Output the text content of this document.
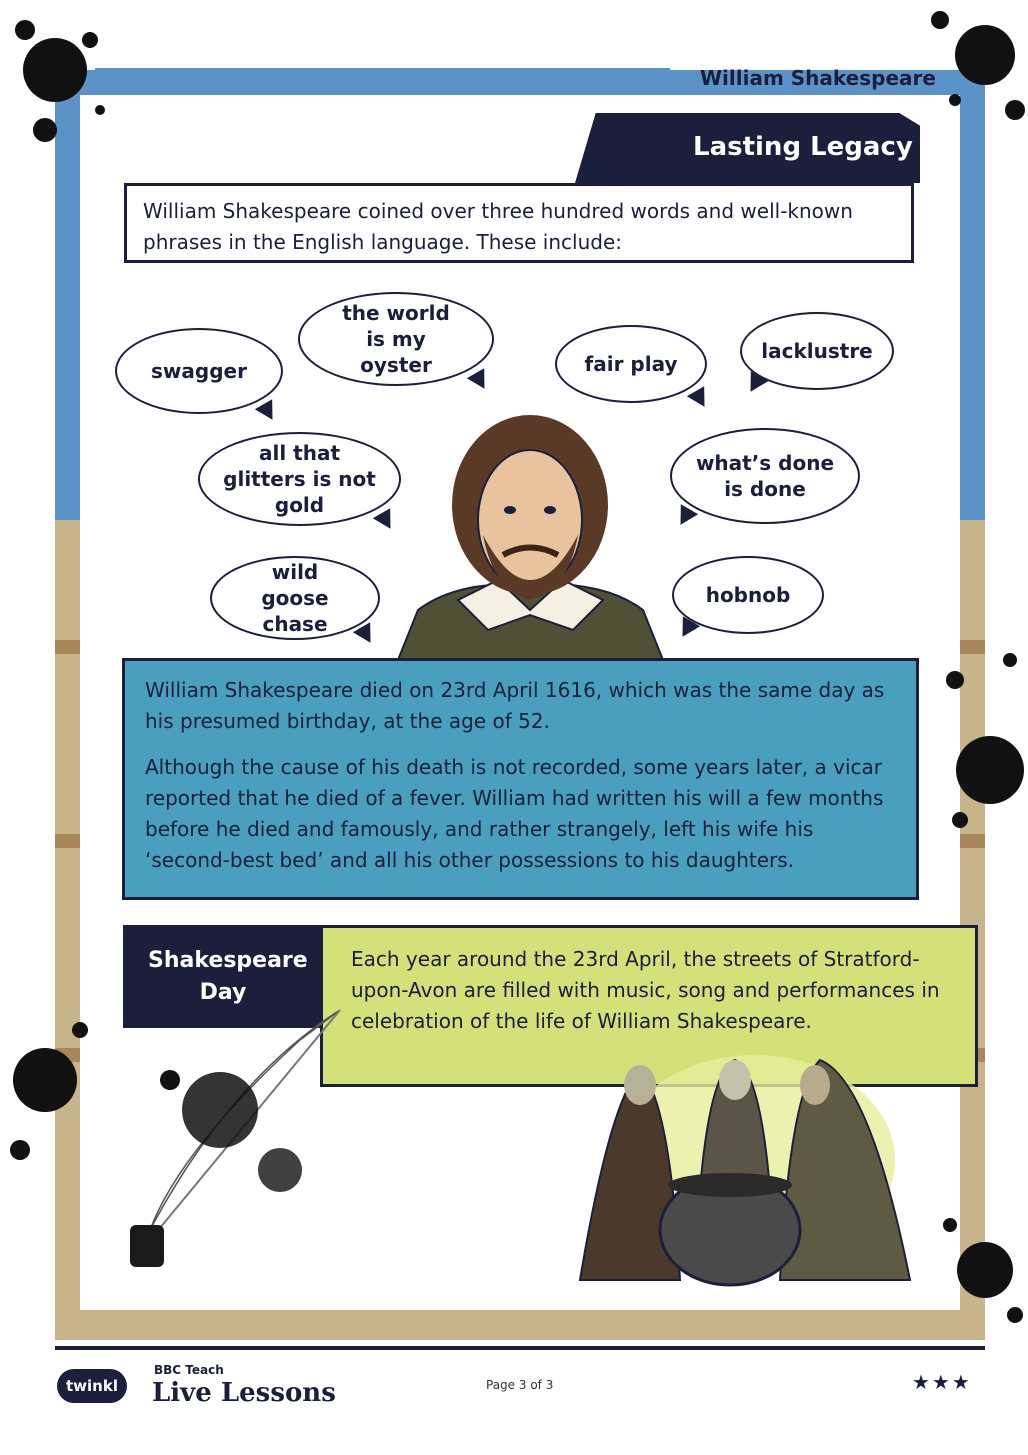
William Shakespeare
Lasting Legacy
William Shakespeare coined over three hundred words and well-known phrases in the English language. These include:
swagger
the world is my oyster	fair play
lacklustre
all that glitters is not gold
what’s done is done
wild goose chase
hobnob

William Shakespeare died on 23rd April 1616, which was the same day as his presumed birthday, at the age of 52.

Although the cause of his death is not recorded, some years later, a vicar reported that he died of a fever. William had written his will a few months before he died and famously, and rather strangely, left his wife his ‘second-best bed’ and all his other possessions to his daughters.

Each year around the 23rd April, the streets of Stratford-upon-Avon are filled with music, song and performances in celebration of the life of William Shakespeare.
Shakespeare Day
twinkl
BBC Teach
Live Lessons	Page 3 of 3	★★★
